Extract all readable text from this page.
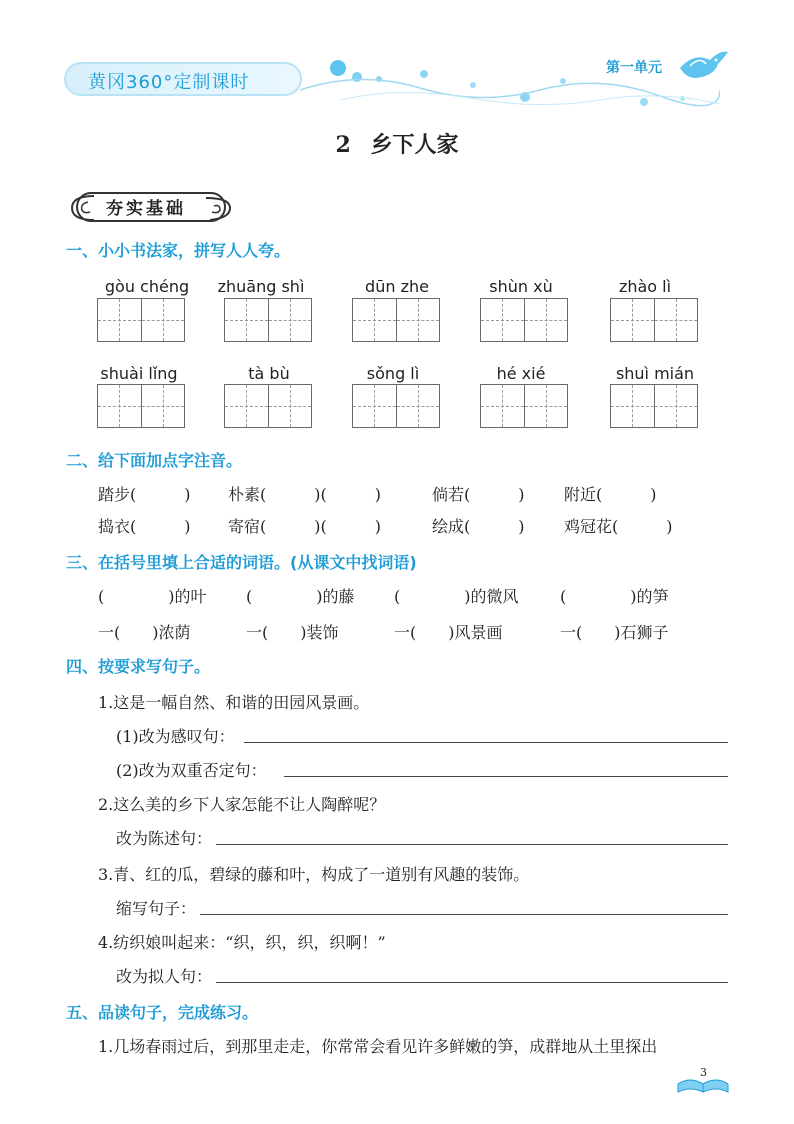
黄冈360°定制课时
第一单元
2 乡下人家
夯实基础
一、小小书法家，拼写人人夸。
gòu chéng	zhuāng shì	dūn zhe	shùn xù	zhào lì
shuài lǐng	tà bù	sǒng lì	hé xié	shuì mián
二、给下面加点字注音。
踏步(　　　) 朴素(　　　)(　　　)	倘若(　　　) 附近(　　　)
捣衣(　　　) 寄宿(　　　)(　　　)	绘成(　　　) 鸡冠花(　　　)
三、在括号里填上合适的词语。(从课文中找词语)
(　　　　)的叶 (　　　　)的藤 (　　　　)的微风	(　　　　)的笋
一(　　)浓荫	一(　　)装饰	一(　　)风景画	一(　　)石狮子
四、按要求写句子。
1.这是一幅自然、和谐的田园风景画。
(1)改为感叹句：
(2)改为双重否定句：
2.这么美的乡下人家怎能不让人陶醉呢？
改为陈述句：
3.青、红的瓜，碧绿的藤和叶，构成了一道别有风趣的装饰。
缩写句子：
4.纺织娘叫起来：“织，织，织，织啊！”
改为拟人句：
五、品读句子，完成练习。
1.几场春雨过后，到那里走走，你常常会看见许多鲜嫩的笋，成群地从土里探出
3
